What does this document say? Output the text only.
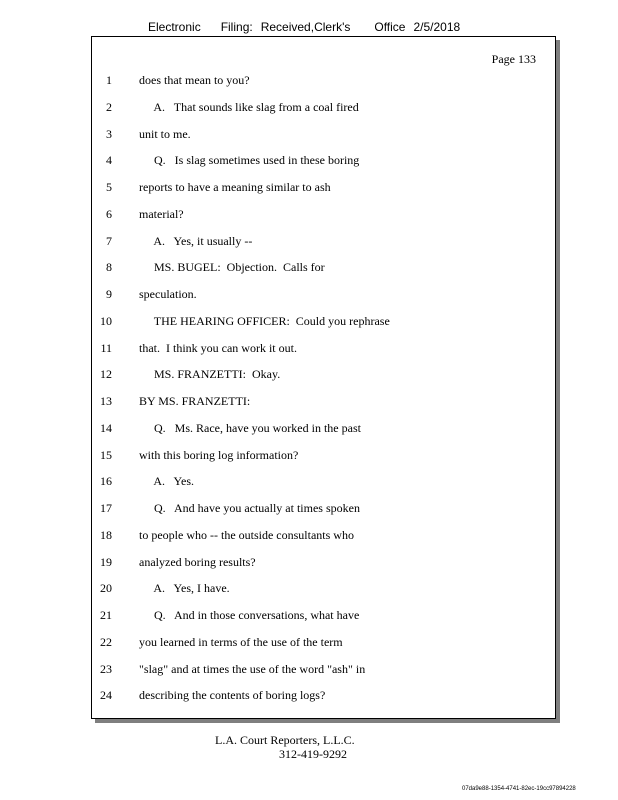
Electronic Filing: Received,Clerk's Office 2/5/2018
Page 133
1 does that mean to you?
2 A.   That sounds like slag from a coal fired
3 unit to me.
4 Q.   Is slag sometimes used in these boring
5 reports to have a meaning similar to ash
6 material?
7 A.   Yes, it usually --
8 MS. BUGEL:  Objection.  Calls for
9 speculation.
10 THE HEARING OFFICER:  Could you rephrase
11 that.  I think you can work it out.
12 MS. FRANZETTI:  Okay.
13 BY MS. FRANZETTI:
14 Q.   Ms. Race, have you worked in the past
15 with this boring log information?
16 A.   Yes.
17 Q.   And have you actually at times spoken
18 to people who -- the outside consultants who
19 analyzed boring results?
20 A.   Yes, I have.
21 Q.   And in those conversations, what have
22 you learned in terms of the use of the term
23 "slag" and at times the use of the word "ash" in
24 describing the contents of boring logs?
L.A. Court Reporters, L.L.C.
312-419-9292
07da9e88-1354-4741-82ec-19cc97894228
